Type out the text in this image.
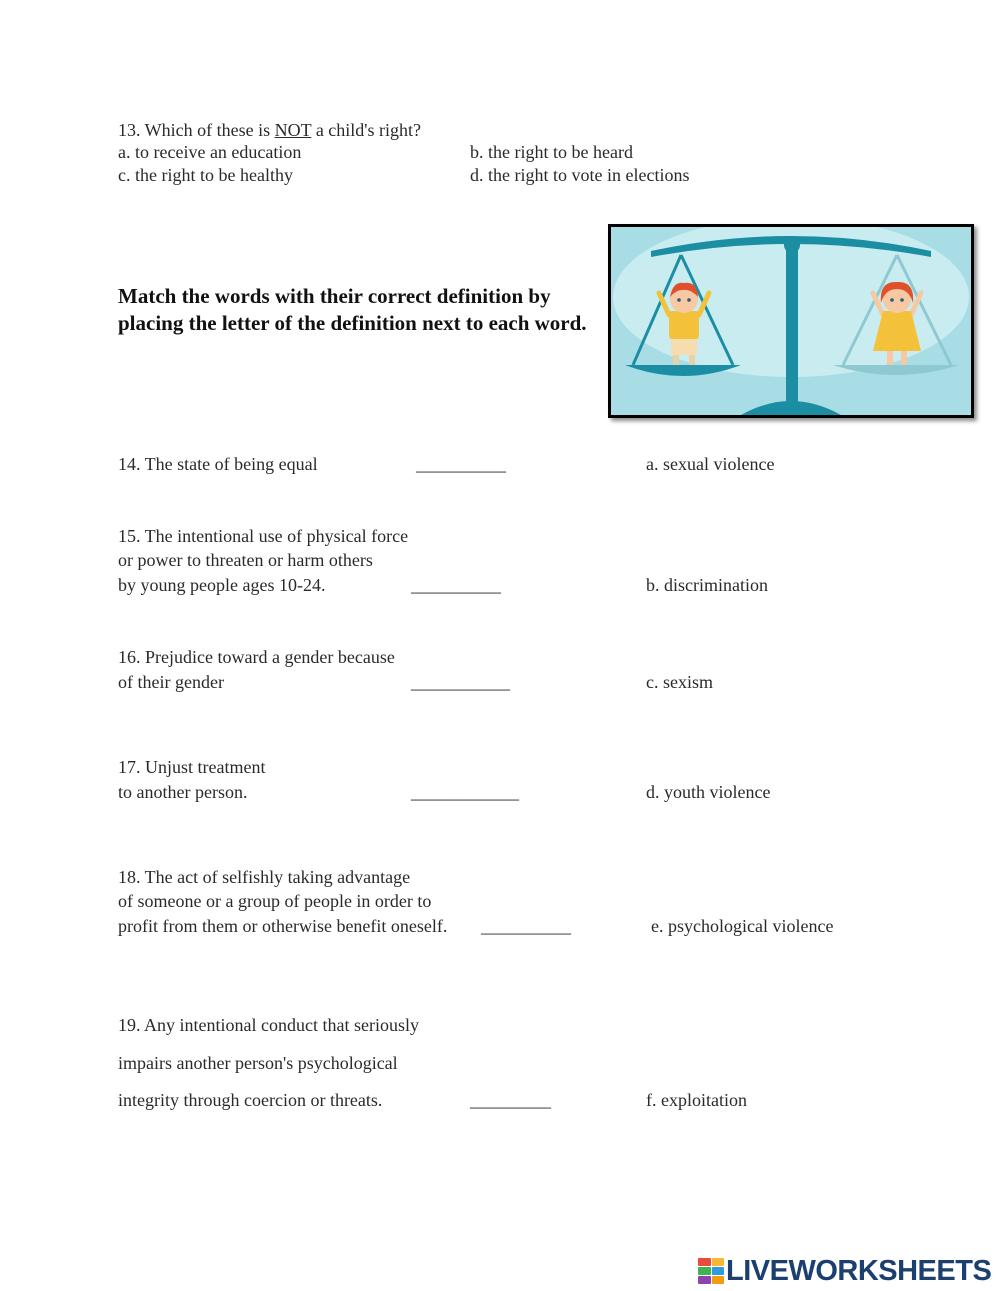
13. Which of these is NOT a child's right?
a. to receive an education	b. the right to be heard
c. the right to be healthy	d. the right to vote in elections
Match the words with their correct definition by placing the letter of the definition next to each word.
14. The state of being equal	__________	a. sexual violence
15. The intentional use of physical force
or power to threaten or harm others
by young people ages 10-24.	__________	b. discrimination
16. Prejudice toward a gender because
of their gender	___________	c. sexism
17. Unjust treatment
to another person.	____________	d. youth violence
18. The act of selfishly taking advantage
of someone or a group of people in order to
profit from them or otherwise benefit oneself. __________	e. psychological violence
19. Any intentional conduct that seriously
impairs another person's psychological
integrity through coercion or threats.	_________	f. exploitation
LIVEWORKSHEETS
